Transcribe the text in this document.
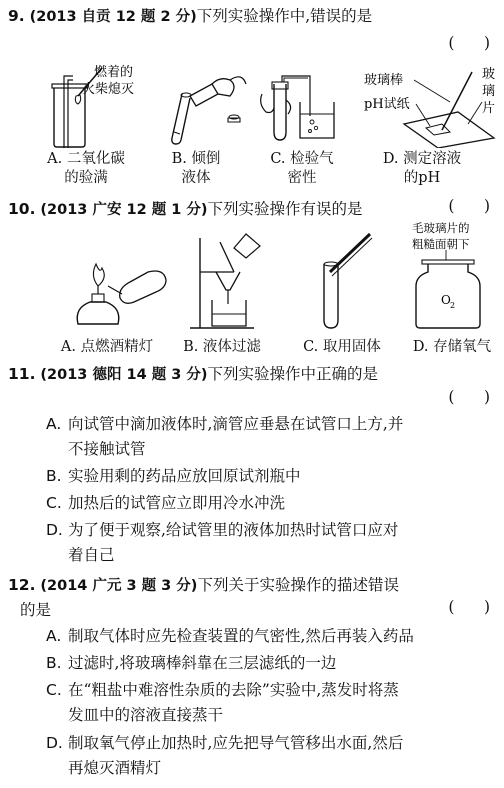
9. (2013 自贡 12 题 2 分)下列实验操作中,错误的是
(      )
燃着的
火柴熄灭
A. 二氧化碳
的验满
B. 倾倒
液体
C. 检验气
密性
玻璃棒
pH试纸
玻
璃
片
D. 测定溶液
的pH
10. (2013 广安 12 题 1 分)下列实验操作有误的是	(      )
A. 点燃酒精灯	B. 液体过滤	C. 取用固体
毛玻璃片的
粗糙面朝下
O 2
D. 存储氧气
11. (2013 德阳 14 题 3 分)下列实验操作中正确的是
(      )
A. 向试管中滴加液体时,滴管应垂悬在试管口上方,并
不接触试管
B. 实验用剩的药品应放回原试剂瓶中
C. 加热后的试管应立即用冷水冲洗
D. 为了便于观察,给试管里的液体加热时试管口应对
着自己
12. (2014 广元 3 题 3 分)下列关于实验操作的描述错误
的是	(      )
A. 制取气体时应先检查装置的气密性,然后再装入药品
B. 过滤时,将玻璃棒斜靠在三层滤纸的一边
C. 在“粗盐中难溶性杂质的去除”实验中,蒸发时将蒸
发皿中的溶液直接蒸干
D. 制取氧气停止加热时,应先把导气管移出水面,然后
再熄灭酒精灯
